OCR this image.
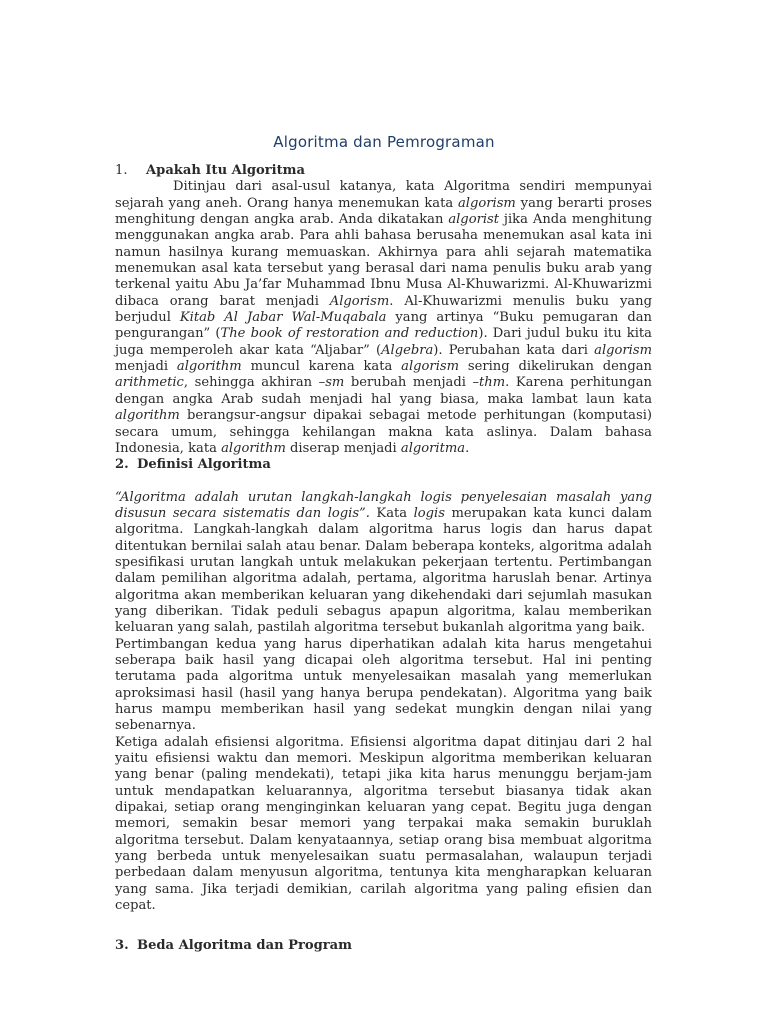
Algoritma dan Pemrograman
1.	Apakah Itu Algoritma

Ditinjau dari asal-usul katanya, kata Algoritma sendiri mempunyai sejarah yang aneh. Orang hanya menemukan kata algorism yang berarti proses menghitung dengan angka arab. Anda dikatakan algorist jika Anda menghitung menggunakan angka arab. Para ahli bahasa berusaha menemukan asal kata ini namun hasilnya kurang memuaskan. Akhirnya para ahli sejarah matematika menemukan asal kata tersebut yang berasal dari nama penulis buku arab yang terkenal yaitu Abu Ja’far Muhammad Ibnu Musa Al-Khuwarizmi. Al-Khuwarizmi dibaca orang barat menjadi Algorism. Al-Khuwarizmi menulis buku yang berjudul Kitab Al Jabar Wal-Muqabala yang artinya “Buku pemugaran dan pengurangan” (The book of restoration and reduction). Dari judul buku itu kita juga memperoleh akar kata “Aljabar” (Algebra). Perubahan kata dari algorism menjadi algorithm muncul karena kata algorism sering dikelirukan dengan arithmetic, sehingga akhiran –sm berubah menjadi –thm. Karena perhitungan dengan angka Arab sudah menjadi hal yang biasa, maka lambat laun kata algorithm berangsur-angsur dipakai sebagai metode perhitungan (komputasi) secara umum, sehingga kehilangan makna kata aslinya. Dalam bahasa Indonesia, kata algorithm diserap menjadi algoritma.

2. Definisi Algoritma

“Algoritma adalah urutan langkah-langkah logis penyelesaian masalah yang disusun secara sistematis dan logis”. Kata logis merupakan kata kunci dalam algoritma. Langkah-langkah dalam algoritma harus logis dan harus dapat ditentukan bernilai salah atau benar. Dalam beberapa konteks, algoritma adalah spesifikasi urutan langkah untuk melakukan pekerjaan tertentu. Pertimbangan dalam pemilihan algoritma adalah, pertama, algoritma haruslah benar. Artinya algoritma akan memberikan keluaran yang dikehendaki dari sejumlah masukan yang diberikan. Tidak peduli sebagus apapun algoritma, kalau memberikan keluaran yang salah, pastilah algoritma tersebut bukanlah algoritma yang baik.

Pertimbangan kedua yang harus diperhatikan adalah kita harus mengetahui seberapa baik hasil yang dicapai oleh algoritma tersebut. Hal ini penting terutama pada algoritma untuk menyelesaikan masalah yang memerlukan aproksimasi hasil (hasil yang hanya berupa pendekatan). Algoritma yang baik harus mampu memberikan hasil yang sedekat mungkin dengan nilai yang sebenarnya.

Ketiga adalah efisiensi algoritma. Efisiensi algoritma dapat ditinjau dari 2 hal yaitu efisiensi waktu dan memori. Meskipun algoritma memberikan keluaran yang benar (paling mendekati), tetapi jika kita harus menunggu berjam-jam untuk mendapatkan keluarannya, algoritma tersebut biasanya tidak akan dipakai, setiap orang menginginkan keluaran yang cepat. Begitu juga dengan memori, semakin besar memori yang terpakai maka semakin buruklah algoritma tersebut. Dalam kenyataannya, setiap orang bisa membuat algoritma yang berbeda untuk menyelesaikan suatu permasalahan, walaupun terjadi perbedaan dalam menyusun algoritma, tentunya kita mengharapkan keluaran yang sama. Jika terjadi demikian, carilah algoritma yang paling efisien dan cepat.

3. Beda Algoritma dan Program
